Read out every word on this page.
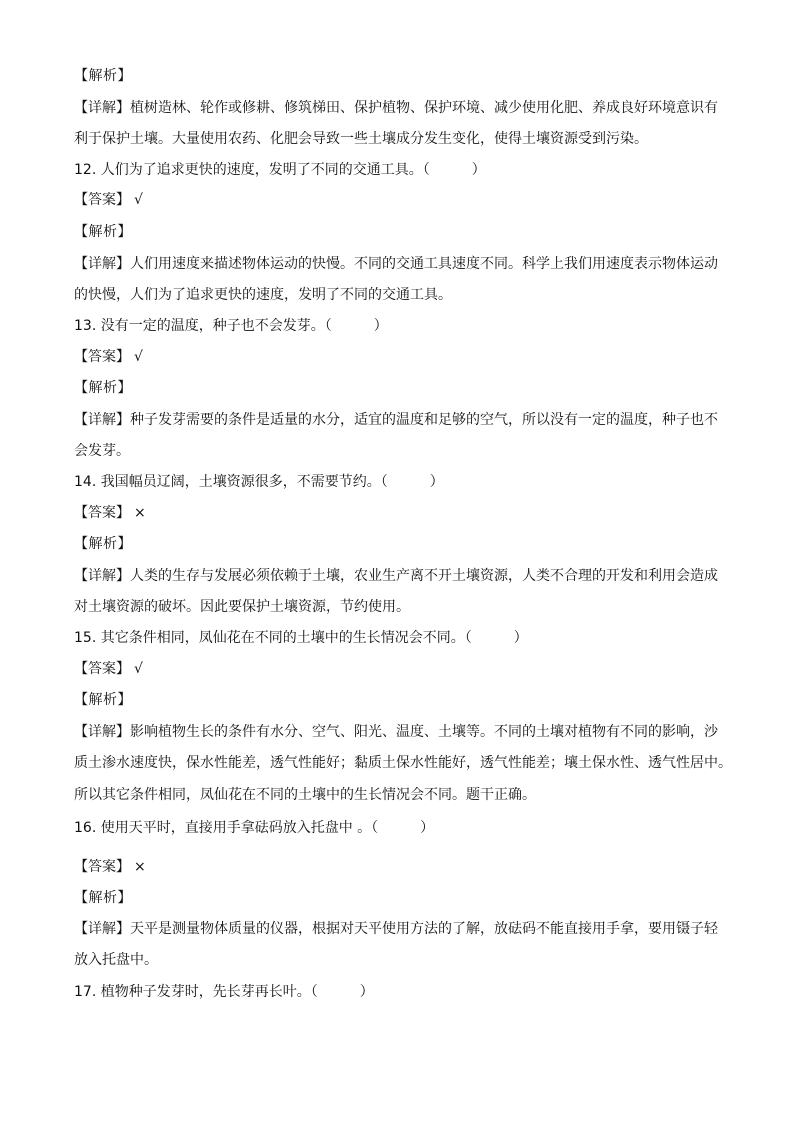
【解析】
【详解】植树造林、轮作或修耕、修筑梯田、保护植物、保护环境、减少使用化肥、养成良好环境意识有
利于保护土壤。大量使用农药、化肥会导致一些土壤成分发生变化，使得土壤资源受到污染。
12. 人们为了追求更快的速度，发明了不同的交通工具。（　　　）
【答案】 √
【解析】
【详解】人们用速度来描述物体运动的快慢。不同的交通工具速度不同。科学上我们用速度表示物体运动
的快慢，人们为了追求更快的速度，发明了不同的交通工具。
13. 没有一定的温度，种子也不会发芽。（　　　）
【答案】 √
【解析】
【详解】种子发芽需要的条件是适量的水分，适宜的温度和足够的空气，所以没有一定的温度，种子也不
会发芽。
14. 我国幅员辽阔，土壤资源很多，不需要节约。（　　　）
【答案】 ×
【解析】
【详解】人类的生存与发展必须依赖于土壤，农业生产离不开土壤资源，人类不合理的开发和利用会造成
对土壤资源的破坏。因此要保护土壤资源，节约使用。
15. 其它条件相同，凤仙花在不同的土壤中的生长情况会不同。（　　　）
【答案】 √
【解析】
【详解】影响植物生长的条件有水分、空气、阳光、温度、土壤等。不同的土壤对植物有不同的影响，沙
质土渗水速度快，保水性能差，透气性能好；黏质土保水性能好，透气性能差；壤土保水性、透气性居中。
所以其它条件相同，凤仙花在不同的土壤中的生长情况会不同。题干正确。
16. 使用天平时，直接用手拿砝码放入托盘中 。（　　　）
【答案】 ×
【解析】
【详解】天平是测量物体质量的仪器，根据对天平使用方法的了解，放砝码不能直接用手拿，要用镊子轻
放入托盘中。
17. 植物种子发芽时，先长芽再长叶。（　　　）
